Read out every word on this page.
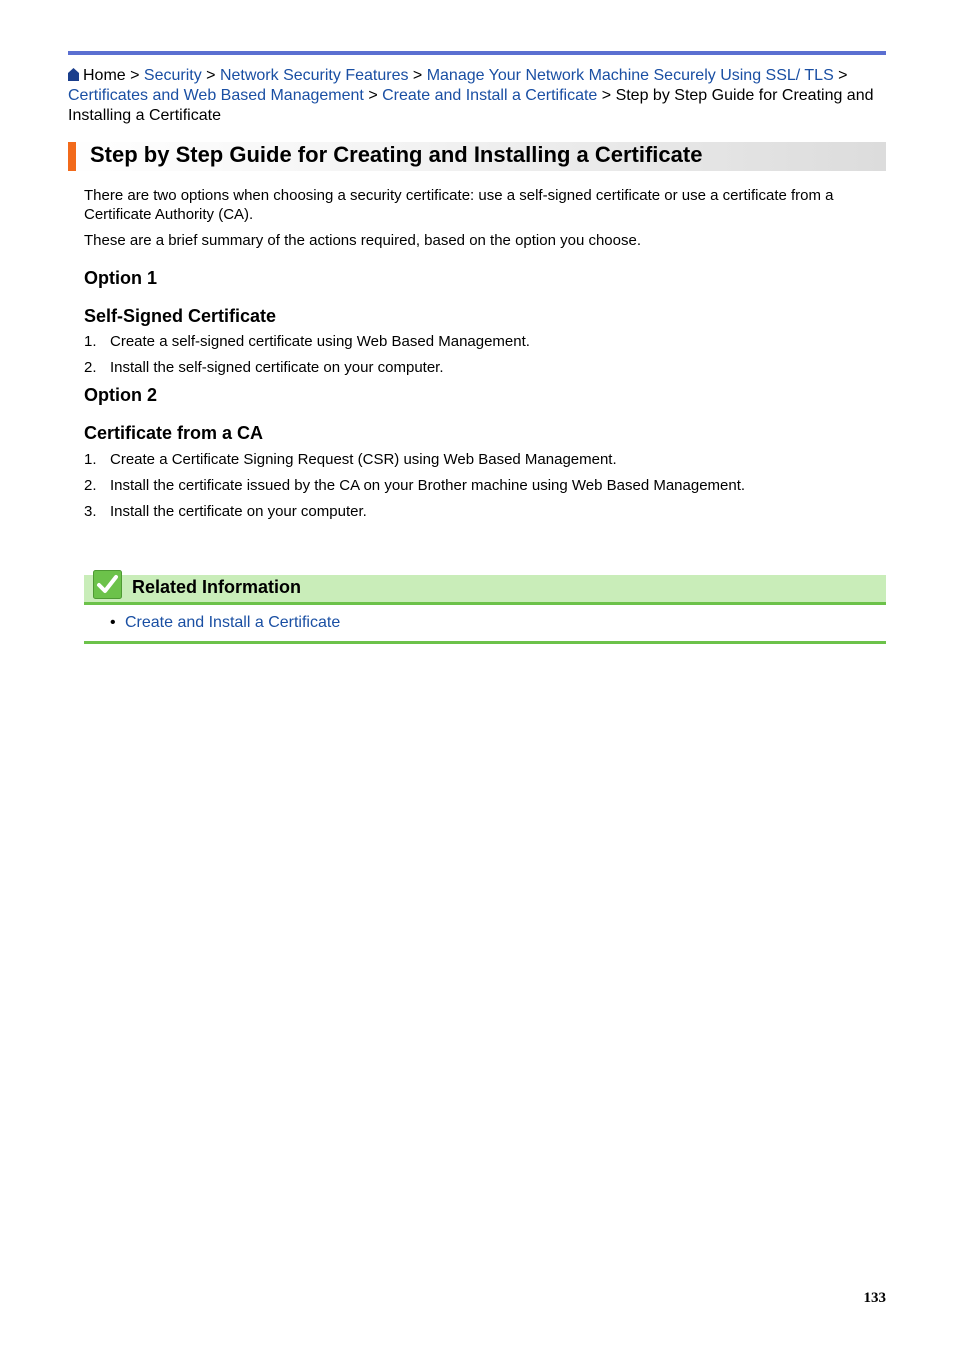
Home > Security > Network Security Features > Manage Your Network Machine Securely Using SSL/ TLS > Certificates and Web Based Management > Create and Install a Certificate > Step by Step Guide for Creating and Installing a Certificate
Step by Step Guide for Creating and Installing a Certificate

There are two options when choosing a security certificate: use a self-signed certificate or use a certificate from a Certificate Authority (CA).

These are a brief summary of the actions required, based on the option you choose.

Option 1
Self-Signed Certificate
1. Create a self-signed certificate using Web Based Management.
2. Install the self-signed certificate on your computer.
Option 2
Certificate from a CA
1. Create a Certificate Signing Request (CSR) using Web Based Management.
2. Install the certificate issued by the CA on your Brother machine using Web Based Management.
3. Install the certificate on your computer.
Related Information
• Create and Install a Certificate
133
